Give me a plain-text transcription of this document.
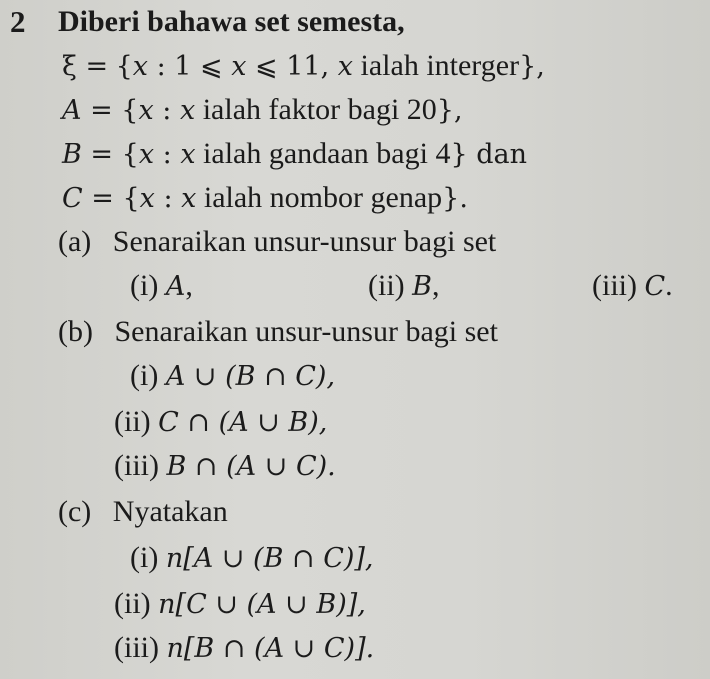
2 Diberi bahawa set semesta,
ξ = {x : 1 ⩽ x ⩽ 11, x ialah interger},
A = {x : x ialah faktor bagi 20},
B = {x : x ialah gandaan bagi 4} dan
C = {x : x ialah nombor genap}.
(a) Senaraikan unsur-unsur bagi set
(i) A,	(ii) B,	(iii) C.
(b) Senaraikan unsur-unsur bagi set
(i) A ∪ (B ∩ C),
(ii) C ∩ (A ∪ B),
(iii) B ∩ (A ∪ C).
(c) Nyatakan
(i) n[A ∪ (B ∩ C)],
(ii) n[C ∪ (A ∪ B)],
(iii) n[B ∩ (A ∪ C)].
